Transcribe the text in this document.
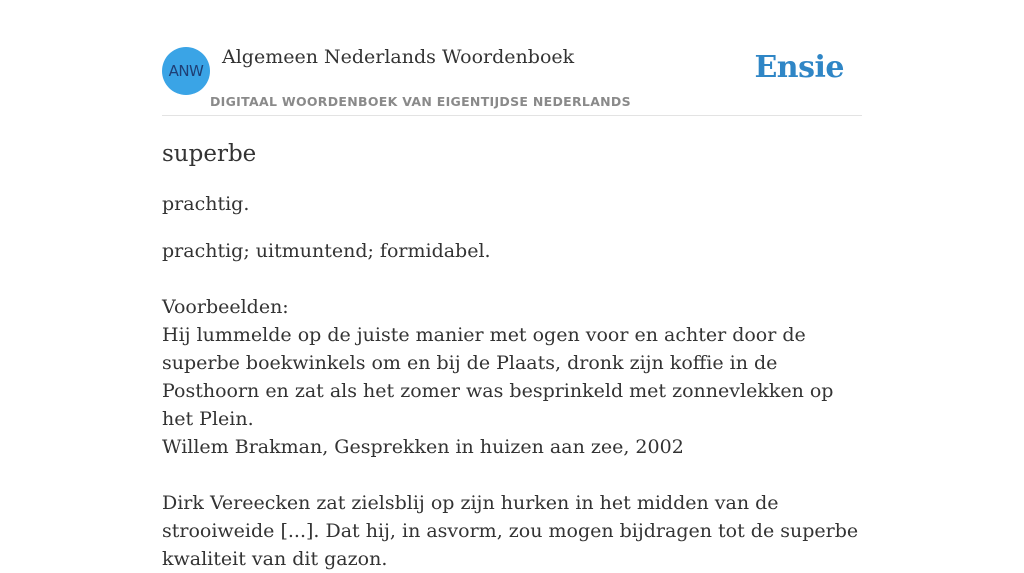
ANW
Algemeen Nederlands Woordenboek
DIGITAAL WOORDENBOEK VAN EIGENTIJDSE NEDERLANDS
Ensie
superbe

prachtig.

prachtig; uitmuntend; formidabel.

Voorbeelden:
Hij lummelde op de juiste manier met ogen voor en achter door de superbe boekwinkels om en bij de Plaats, dronk zijn koffie in de Posthoorn en zat als het zomer was besprinkeld met zonnevlekken op het Plein.
Willem Brakman, Gesprekken in huizen aan zee, 2002
Dirk Vereecken zat zielsblij op zijn hurken in het midden van de strooiweide [...]. Dat hij, in asvorm, zou mogen bijdragen tot de superbe kwaliteit van dit gazon.
